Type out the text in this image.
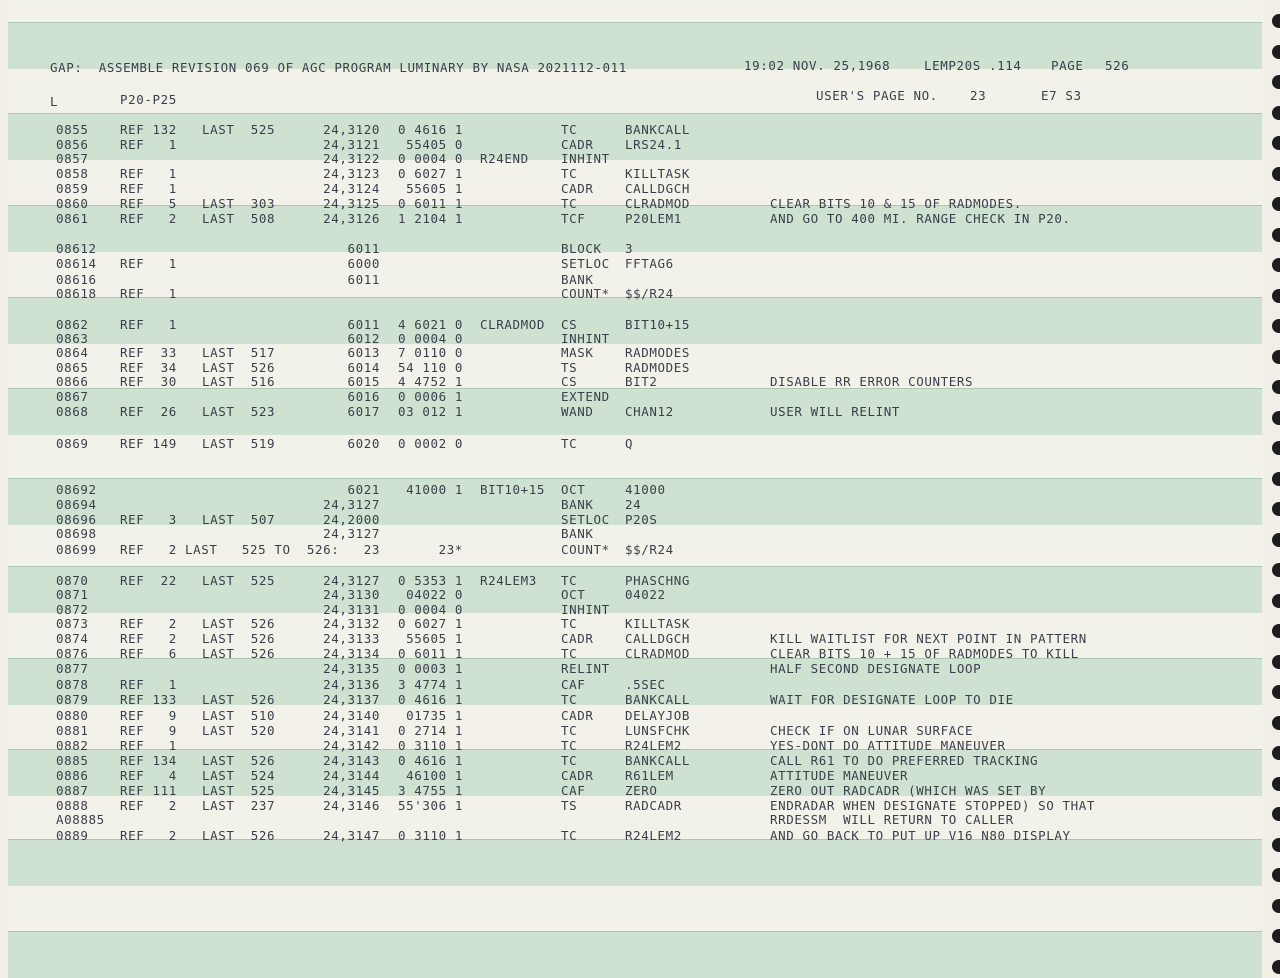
GAP:  ASSEMBLE REVISION 069 OF AGC PROGRAM LUMINARY BY NASA 2021112-011	19:02 NOV. 25,1968	LEMP20S .114 PAGE 526
L	P20-P25	USER'S PAGE NO.	23	E7 S3
0855	REF 132 LAST  525	24,3120 0 4616 1	TC	BANKCALL
0856	REF   1	24,3121 55405 0	CADR	LRS24.1
0857	24,3122 0 0004 0 R24END	INHINT
0858	REF   1	24,3123 0 6027 1	TC	KILLTASK
0859	REF   1	24,3124 55605 1	CADR	CALLDGCH
0860	REF   5 LAST  303	24,3125 0 6011 1	TC	CLRADMOD	CLEAR BITS 10 & 15 OF RADMODES.
0861	REF   2 LAST  508	24,3126 1 2104 1	TCF	P20LEM1	AND GO TO 400 MI. RANGE CHECK IN P20.
08612	6011	BLOCK 3
08614 REF   1	6000	SETLOC FFTAG6
08616	6011	BANK
08618 REF   1	COUNT* $$/R24
0862	REF   1	6011 4 6021 0 CLRADMOD CS	BIT10+15
0863	6012 0 0004 0	INHINT
0864	REF  33 LAST  517	6013 7 0110 0	MASK	RADMODES
0865	REF  34 LAST  526	6014 54 110 0	TS	RADMODES
0866	REF  30 LAST  516	6015 4 4752 1	CS	BIT2	DISABLE RR ERROR COUNTERS
0867	6016 0 0006 1	EXTEND
0868	REF  26 LAST  523	6017 03 012 1	WAND	CHAN12	USER WILL RELINT
0869	REF 149 LAST  519	6020 0 0002 0	TC	Q
08692	6021 41000 1 BIT10+15 OCT	41000
08694	24,3127	BANK	24
08696 REF   3 LAST  507	24,2000	SETLOC P20S
08698	24,3127	BANK
08699 REF   2 LAST   525 TO  526: 23	23*	COUNT* $$/R24
0870	REF  22 LAST  525	24,3127 0 5353 1 R24LEM3 TC	PHASCHNG
0871	24,3130 04022 0	OCT	04022
0872	24,3131 0 0004 0	INHINT
0873	REF   2 LAST  526	24,3132 0 6027 1	TC	KILLTASK
0874	REF   2 LAST  526	24,3133 55605 1	CADR	CALLDGCH	KILL WAITLIST FOR NEXT POINT IN PATTERN
0876	REF   6 LAST  526	24,3134 0 6011 1	TC	CLRADMOD	CLEAR BITS 10 + 15 OF RADMODES TO KILL
0877	24,3135 0 0003 1	RELINT	HALF SECOND DESIGNATE LOOP
0878	REF   1	24,3136 3 4774 1	CAF	.5SEC
0879	REF 133 LAST  526	24,3137 0 4616 1	TC	BANKCALL	WAIT FOR DESIGNATE LOOP TO DIE
0880	REF   9 LAST  510	24,3140 01735 1	CADR	DELAYJOB
0881	REF   9 LAST  520	24,3141 0 2714 1	TC	LUNSFCHK	CHECK IF ON LUNAR SURFACE
0882	REF   1	24,3142 0 3110 1	TC	R24LEM2	YES-DONT DO ATTITUDE MANEUVER
0885	REF 134 LAST  526	24,3143 0 4616 1	TC	BANKCALL	CALL R61 TO DO PREFERRED TRACKING
0886	REF   4 LAST  524	24,3144 46100 1	CADR	R61LEM	ATTITUDE MANEUVER
0887	REF 111 LAST  525	24,3145 3 4755 1	CAF	ZERO	ZERO OUT RADCADR (WHICH WAS SET BY
0888	REF   2 LAST  237	24,3146 55'306 1	TS	RADCADR	ENDRADAR WHEN DESIGNATE STOPPED) SO THAT
A08885	RRDESSM  WILL RETURN TO CALLER
0889	REF   2 LAST  526	24,3147 0 3110 1	TC	R24LEM2	AND GO BACK TO PUT UP V16 N80 DISPLAY
